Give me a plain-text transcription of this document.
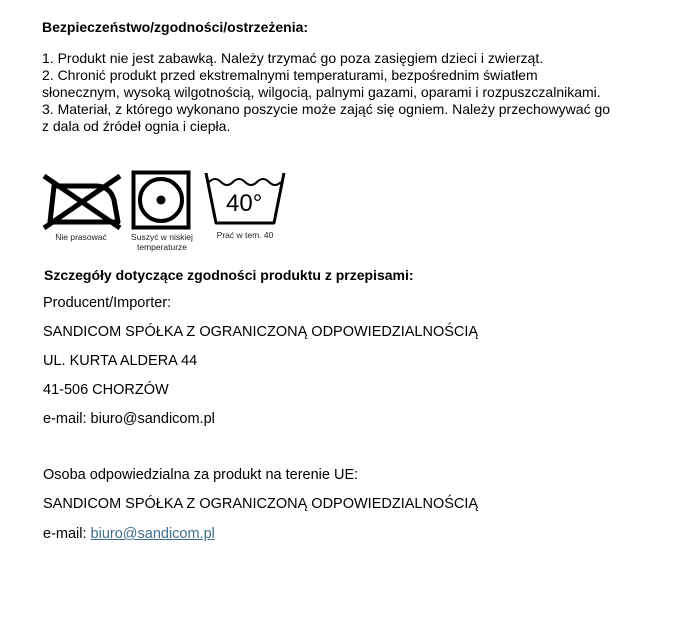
Bezpieczeństwo/zgodności/ostrzeżenia:
1. Produkt nie jest zabawką. Należy trzymać go poza zasięgiem dzieci i zwierząt.
2. Chronić produkt przed ekstremalnymi temperaturami, bezpośrednim światłem
słonecznym, wysoką wilgotnością, wilgocią, palnymi gazami, oparami i rozpuszczalnikami.
3. Materiał, z którego wykonano poszycie może zająć się ogniem. Należy przechowywać go
z dala od źródeł ognia i ciepła.
Nie prasować	Suszyć w niskiej
temperaturze
40°
Prać w tem. 40
Szczegóły dotyczące zgodności produktu z przepisami:
Producent/Importer:
SANDICOM SPÓŁKA Z OGRANICZONĄ ODPOWIEDZIALNOŚCIĄ
UL. KURTA ALDERA 44
41-506 CHORZÓW
e-mail: biuro@sandicom.pl
Osoba odpowiedzialna za produkt na terenie UE:
SANDICOM SPÓŁKA Z OGRANICZONĄ ODPOWIEDZIALNOŚCIĄ
e-mail: biuro@sandicom.pl
